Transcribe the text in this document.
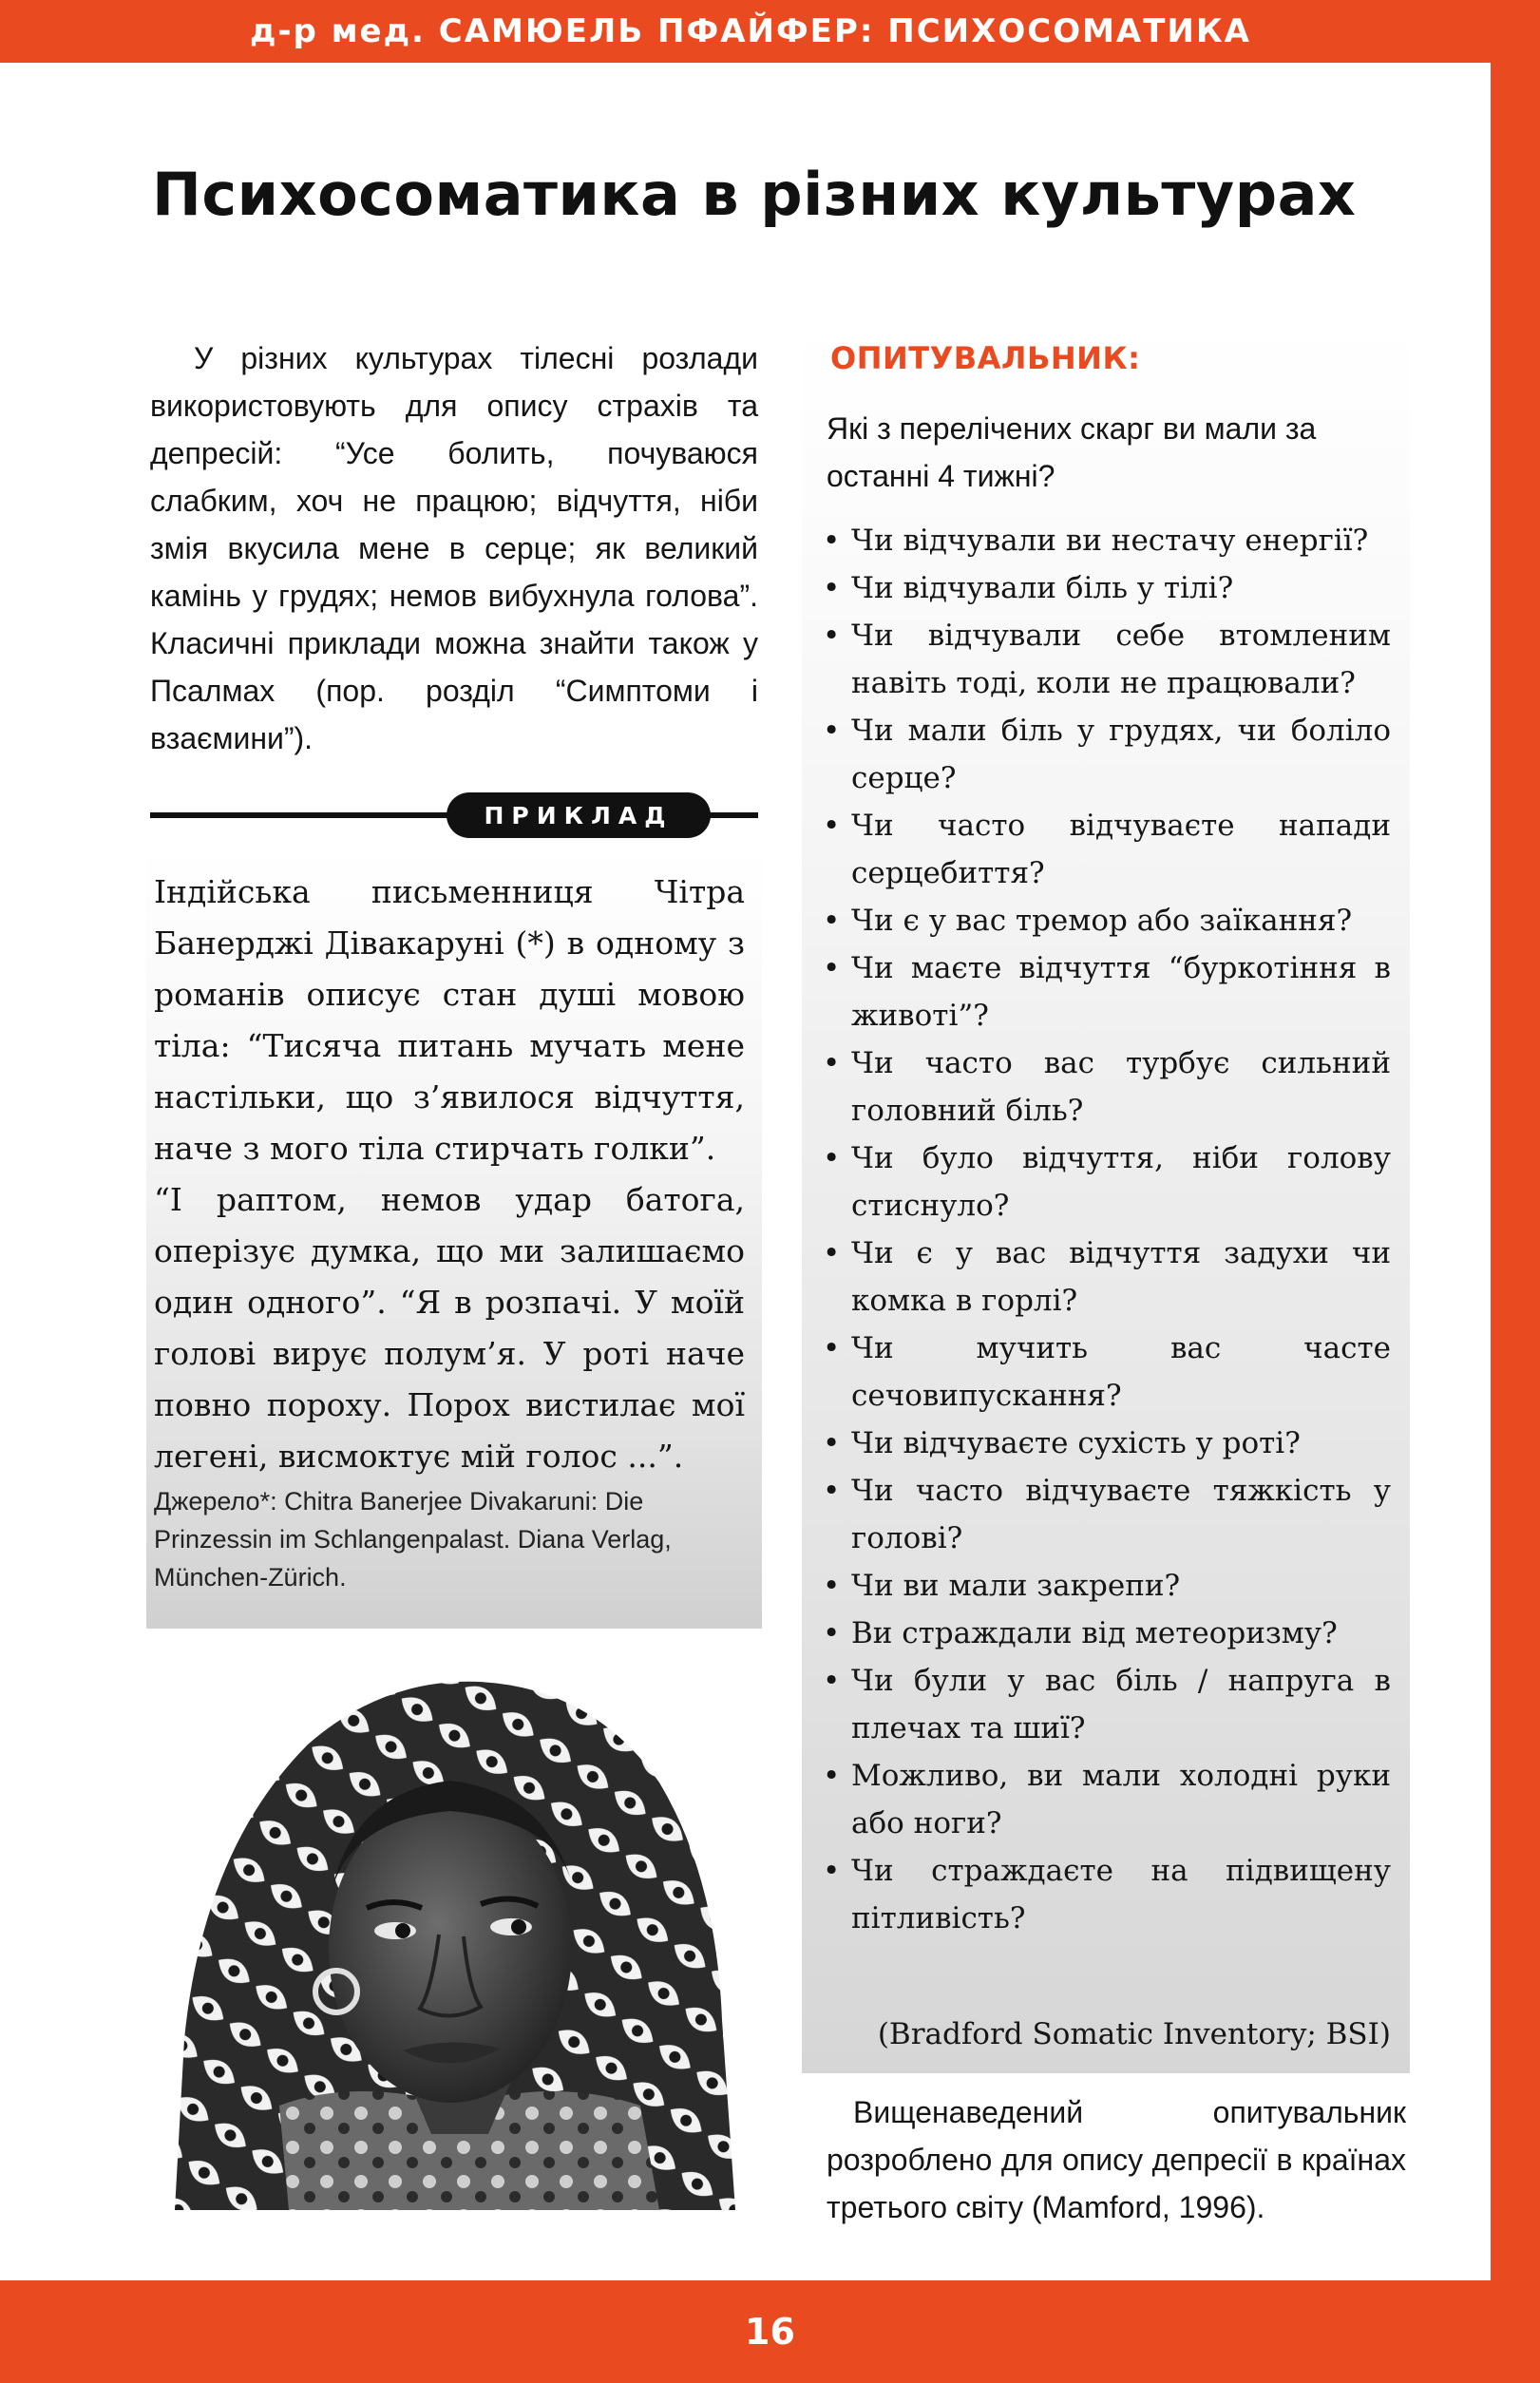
д-р мед. САМЮЕЛЬ ПФАЙФЕР: ПСИХОСОМАТИКА
Психосоматика в різних культурах

У різних культурах тілесні розлади використовують для опису страхів та депресій: “Усе болить, почуваюся слабким, хоч не працюю; відчуття, ніби змія вкусила мене в серце; як великий камінь у грудях; немов вибухнула голова”. Класичні приклади можна знайти також у Псалмах (пор. розділ “Симптоми і взаємини”).

ПРИКЛАД
Індійська письменниця Чітра Банерджі Дівакаруні (*) в одному з романів описує стан душі мовою тіла: “Тисяча питань мучать мене настільки, що з’явилося відчуття, наче з мого тіла стирчать голки”.
“І раптом, немов удар батога, оперізує думка, що ми залишаємо один одного”. “Я в розпачі. У моїй голові вирує полум’я. У роті наче повно пороху. Порох вистилає мої легені, висмоктує мій голос ...”.

Джерело*: Chitra Banerjee Divakaruni: Die Prinzessin im Schlangenpalast. Diana Verlag, München-Zürich.

ОПИТУВАЛЬНИК:

Які з перелічених скарг ви мали за останні 4 тижні?

• Чи відчували ви нестачу енергії?
• Чи відчували біль у тілі?
• Чи відчували себе втомленим навіть тоді, коли не працювали?
• Чи мали біль у грудях, чи боліло серце?
• Чи часто відчуваєте напади серцебиття?
• Чи є у вас тремор або заїкання?
• Чи маєте відчуття “буркотіння в животі”?
• Чи часто вас турбує сильний головний біль?
• Чи було відчуття, ніби голову стиснуло?
• Чи є у вас відчуття задухи чи комка в горлі?
• Чи мучить вас часте сечовипускання?
• Чи відчуваєте сухість у роті?
• Чи часто відчуваєте тяжкість у голові?
• Чи ви мали закрепи?
• Ви страждали від метеоризму?
• Чи були у вас біль / напруга в плечах та шиї?
• Можливо, ви мали холодні руки або ноги?
• Чи страждаєте на підвищену пітливість?

(Bradford Somatic Inventory; BSI)

Вищенаведений опитувальник розроблено для опису депресії в країнах третього світу (Mamford, 1996).

16
